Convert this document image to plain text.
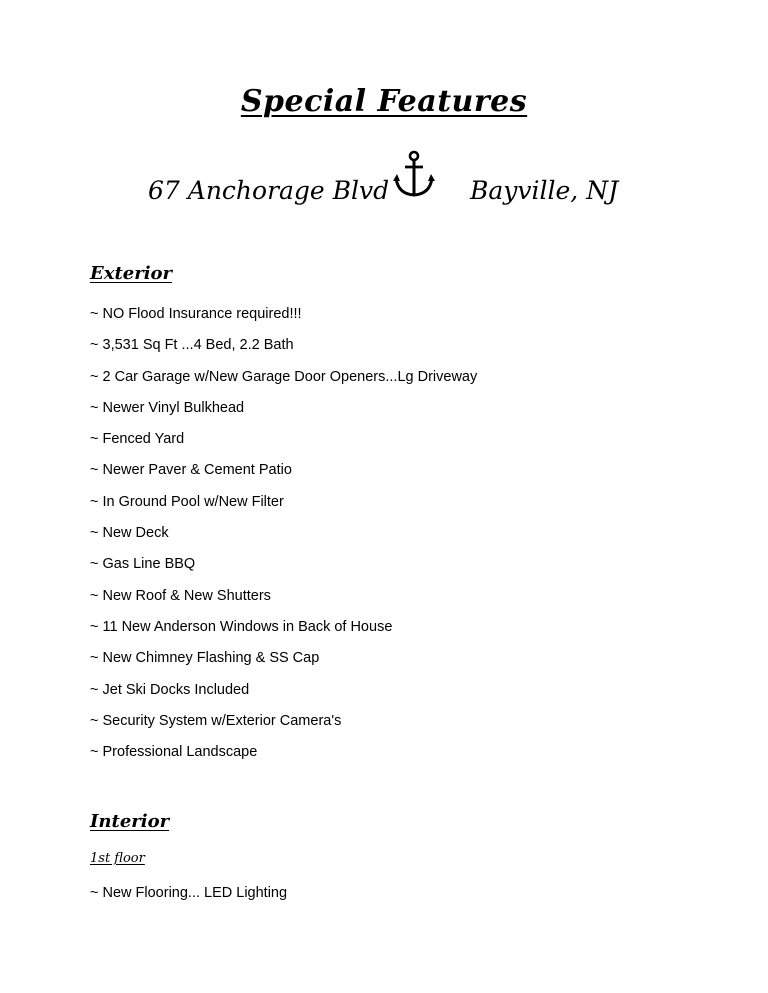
Special Features
67 Anchorage Blvd	Bayville, NJ
Exterior
~ NO Flood Insurance required!!!
~ 3,531 Sq Ft ...4 Bed, 2.2 Bath
~ 2 Car Garage w/New Garage Door Openers...Lg Driveway
~ Newer Vinyl Bulkhead
~ Fenced Yard
~ Newer Paver & Cement Patio
~ In Ground Pool w/New Filter
~ New Deck
~ Gas Line BBQ
~ New Roof & New Shutters
~ 11 New Anderson Windows in Back of House
~ New Chimney Flashing & SS Cap
~ Jet Ski Docks Included
~ Security System w/Exterior Camera's
~ Professional Landscape
Interior
1st floor
~ New Flooring... LED Lighting
